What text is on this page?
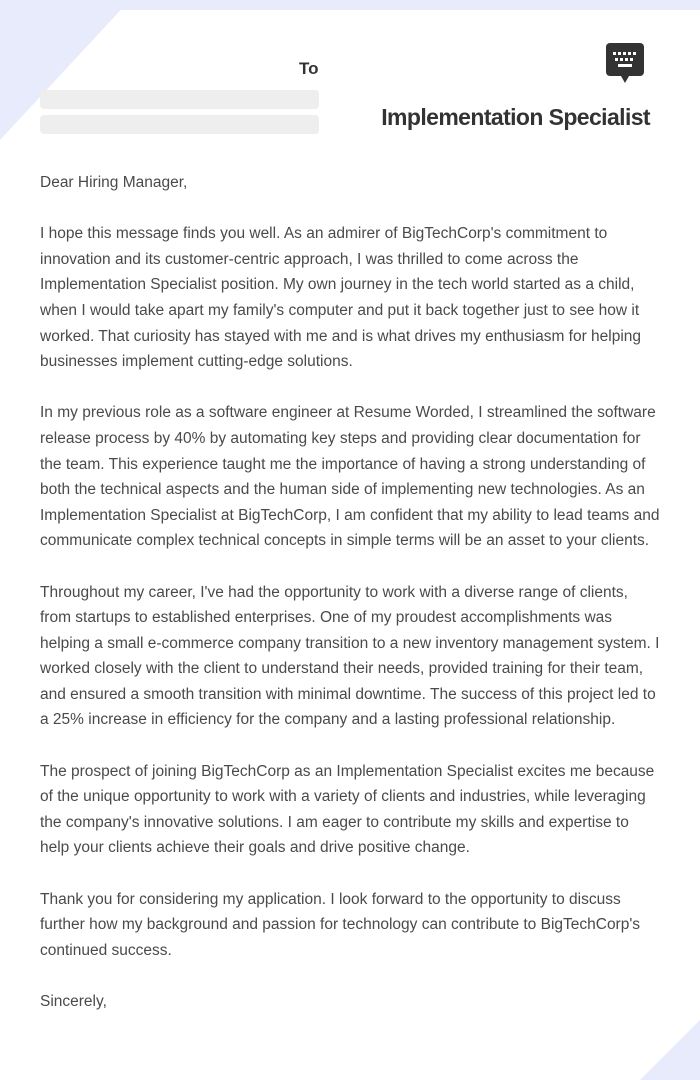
To
Implementation Specialist

Dear Hiring Manager,

I hope this message finds you well. As an admirer of BigTechCorp's commitment to innovation and its customer-centric approach, I was thrilled to come across the Implementation Specialist position. My own journey in the tech world started as a child, when I would take apart my family's computer and put it back together just to see how it worked. That curiosity has stayed with me and is what drives my enthusiasm for helping businesses implement cutting-edge solutions.

In my previous role as a software engineer at Resume Worded, I streamlined the software release process by 40% by automating key steps and providing clear documentation for the team. This experience taught me the importance of having a strong understanding of both the technical aspects and the human side of implementing new technologies. As an Implementation Specialist at BigTechCorp, I am confident that my ability to lead teams and communicate complex technical concepts in simple terms will be an asset to your clients.

Throughout my career, I've had the opportunity to work with a diverse range of clients, from startups to established enterprises. One of my proudest accomplishments was helping a small e-commerce company transition to a new inventory management system. I worked closely with the client to understand their needs, provided training for their team, and ensured a smooth transition with minimal downtime. The success of this project led to a 25% increase in efficiency for the company and a lasting professional relationship.

The prospect of joining BigTechCorp as an Implementation Specialist excites me because of the unique opportunity to work with a variety of clients and industries, while leveraging the company's innovative solutions. I am eager to contribute my skills and expertise to help your clients achieve their goals and drive positive change.

Thank you for considering my application. I look forward to the opportunity to discuss further how my background and passion for technology can contribute to BigTechCorp's continued success.

Sincerely,
